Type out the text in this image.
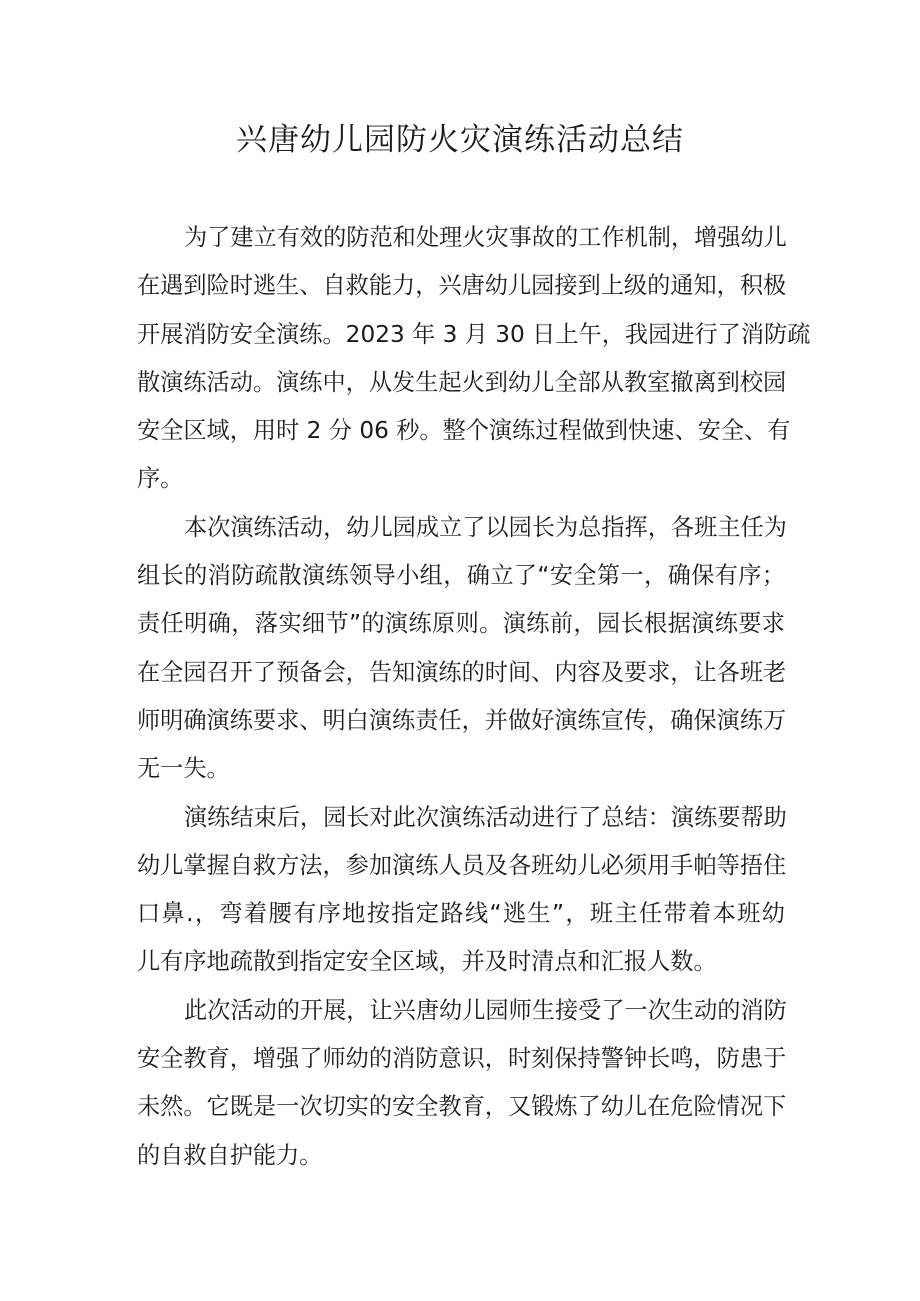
兴唐幼儿园防火灾演练活动总结
为了建立有效的防范和处理火灾事故的工作机制，增强幼儿
在遇到险时逃生、自救能力，兴唐幼儿园接到上级的通知，积极
开展消防安全演练。2023 年 3 月 30 日上午，我园进行了消防疏
散演练活动。演练中，从发生起火到幼儿全部从教室撤离到校园
安全区域，用时 2 分 06 秒。整个演练过程做到快速、安全、有
序。
本次演练活动，幼儿园成立了以园长为总指挥，各班主任为
组长的消防疏散演练领导小组，确立了“安全第一，确保有序；
责任明确，落实细节”的演练原则。演练前，园长根据演练要求
在全园召开了预备会，告知演练的时间、内容及要求，让各班老
师明确演练要求、明白演练责任，并做好演练宣传，确保演练万
无一失。
演练结束后，园长对此次演练活动进行了总结：演练要帮助
幼儿掌握自救方法，参加演练人员及各班幼儿必须用手帕等捂住
口鼻.，弯着腰有序地按指定路线“逃生”，班主任带着本班幼
儿有序地疏散到指定安全区域，并及时清点和汇报人数。
此次活动的开展，让兴唐幼儿园师生接受了一次生动的消防
安全教育，增强了师幼的消防意识，时刻保持警钟长鸣，防患于
未然。它既是一次切实的安全教育，又锻炼了幼儿在危险情况下
的自救自护能力。
